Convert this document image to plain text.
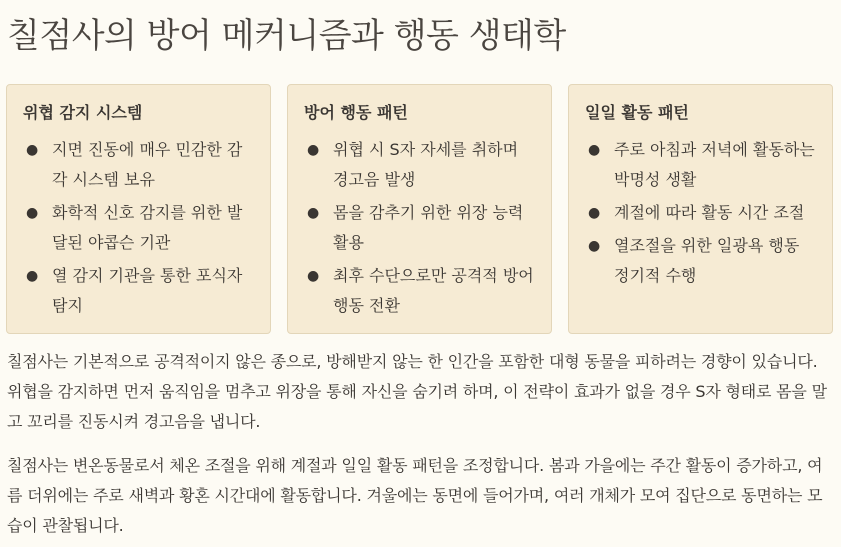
칠점사의 방어 메커니즘과 행동 생태학
위협 감지 시스템
● 지면 진동에 매우 민감한 감각 시스템 보유
● 화학적 신호 감지를 위한 발달된 야콥슨 기관
● 열 감지 기관을 통한 포식자 탐지
방어 행동 패턴
● 위협 시 S자 자세를 취하며 경고음 발생
● 몸을 감추기 위한 위장 능력 활용
● 최후 수단으로만 공격적 방어 행동 전환
일일 활동 패턴
● 주로 아침과 저녁에 활동하는 박명성 생활
● 계절에 따라 활동 시간 조절
● 열조절을 위한 일광욕 행동 정기적 수행

칠점사는 기본적으로 공격적이지 않은 종으로, 방해받지 않는 한 인간을 포함한 대형 동물을 피하려는 경향이 있습니다. 위협을 감지하면 먼저 움직임을 멈추고 위장을 통해 자신을 숨기려 하며, 이 전략이 효과가 없을 경우 S자 형태로 몸을 말고 꼬리를 진동시켜 경고음을 냅니다.

칠점사는 변온동물로서 체온 조절을 위해 계절과 일일 활동 패턴을 조정합니다. 봄과 가을에는 주간 활동이 증가하고, 여름 더위에는 주로 새벽과 황혼 시간대에 활동합니다. 겨울에는 동면에 들어가며, 여러 개체가 모여 집단으로 동면하는 모습이 관찰됩니다.
